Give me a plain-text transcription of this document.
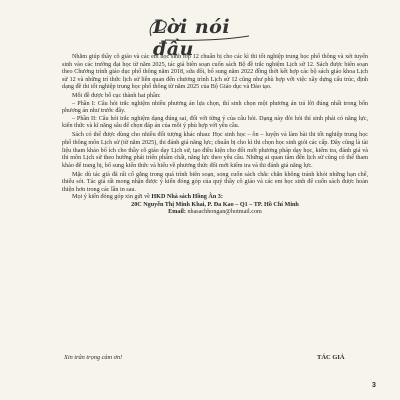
Lời nói đầu

Nhằm giúp thầy cô giáo và các em học sinh lớp 12 chuẩn bị cho các kì thi tốt nghiệp trung học phổ thông và xét tuyển sinh vào các trường đại học từ năm 2025, tác giả biên soạn cuốn sách Bộ đề trắc nghiệm Lịch sử 12. Sách được biên soạn theo Chương trình giáo dục phổ thông năm 2018, sửa đổi, bổ sung năm 2022 đồng thời kết hợp các bộ sách giáo khoa Lịch sử 12 và những trí thức lịch sử liên quan đến chương trình Lịch sử 12 cũng như phù hợp với việc xây dựng cấu trúc, định dạng đề thi tốt nghiệp trung học phổ thông từ năm 2025 của Bộ Giáo dục và Đào tạo.

Mỗi đề được bố cục thành hai phần:

– Phần I: Câu hỏi trắc nghiệm nhiều phương án lựa chọn, thí sinh chọn một phương án trả lời đúng nhất trong bốn phương án như trước đây.

– Phần II: Câu hỏi trắc nghiệm dạng đúng sai, đối với từng ý của câu hỏi. Dạng này đòi hỏi thí sinh phải có năng lực, kiến thức và kĩ năng sâu để chọn đáp án của mỗi ý phù hợp với yêu cầu.

Sách có thể được dùng cho nhiều đối tượng khác nhau: Học sinh học – ôn – luyện và làm bài thi tốt nghiệp trung học phổ thông môn Lịch sử (từ năm 2025), thi đánh giá năng lực; chuẩn bị cho kì thi chọn học sinh giỏi các cấp. Đây cũng là tài liệu tham khảo bổ ích cho thầy cô giáo dạy Lịch sử, tạo điều kiện cho đổi mới phương pháp dạy học, kiểm tra, đánh giá và thi môn Lịch sử theo hướng phát triển phẩm chất, năng lực theo yêu cầu. Những ai quan tâm đến lịch sử cũng có thể tham khảo để trang bị, bổ sung kiến thức và hiểu về phương thức đổi mới kiểm tra và thi đánh giá năng lực.

Mặc dù tác giả đã rất cố gắng trong quá trình biên soạn, song cuốn sách chắc chắn không tránh khỏi những hạn chế, thiếu sót. Tác giả rất mong nhận được ý kiến đóng góp của quý thầy cô giáo và các em học sinh để cuốn sách được hoàn thiện hơn trong các lần in sau.

Mọi ý kiến đóng góp xin gửi về HKD Nhà sách Hồng Ân 3:

20C Nguyễn Thị Minh Khai, P. Đa Kao – Q1 – TP. Hồ Chí Minh

Email: nhasachhongan@hotmail.com

Xin trân trọng cảm ơn!	TÁC GIẢ
3
